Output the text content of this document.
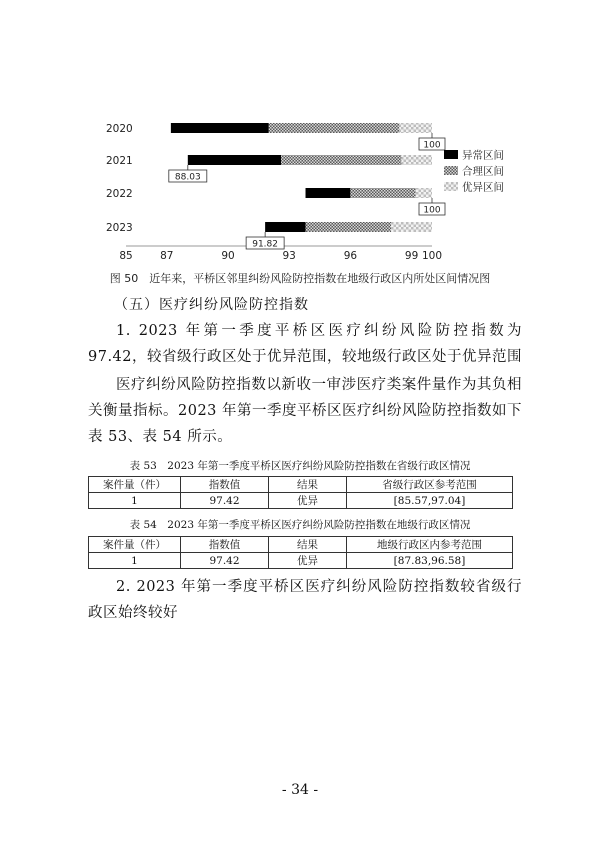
85	87	90	93	96	99 100
2020
2021
2022
2023
100
88.03
100
91.82
异常区间
合理区间
优异区间
图 50　近年来，平桥区邻里纠纷风险防控指数在地级行政区内所处区间情况图
（五）医疗纠纷风险防控指数
1. 2023 年第一季度平桥区医疗纠纷风险防控指数为 97.42，较省级行政区处于优异范围，较地级行政区处于优异范围
医疗纠纷风险防控指数以新收一审涉医疗类案件量作为其负相关衡量指标。2023 年第一季度平桥区医疗纠纷风险防控指数如下表 53、表 54 所示。
表 53　2023 年第一季度平桥区医疗纠纷风险防控指数在省级行政区情况
案件量（件）	指数值	结果	省级行政区参考范围
1	97.42	优异	[85.57,97.04]
表 54　2023 年第一季度平桥区医疗纠纷风险防控指数在地级行政区情况
案件量（件）	指数值	结果	地级行政区内参考范围
1	97.42	优异	[87.83,96.58]
2. 2023 年第一季度平桥区医疗纠纷风险防控指数较省级行政区始终较好
- 34 -
